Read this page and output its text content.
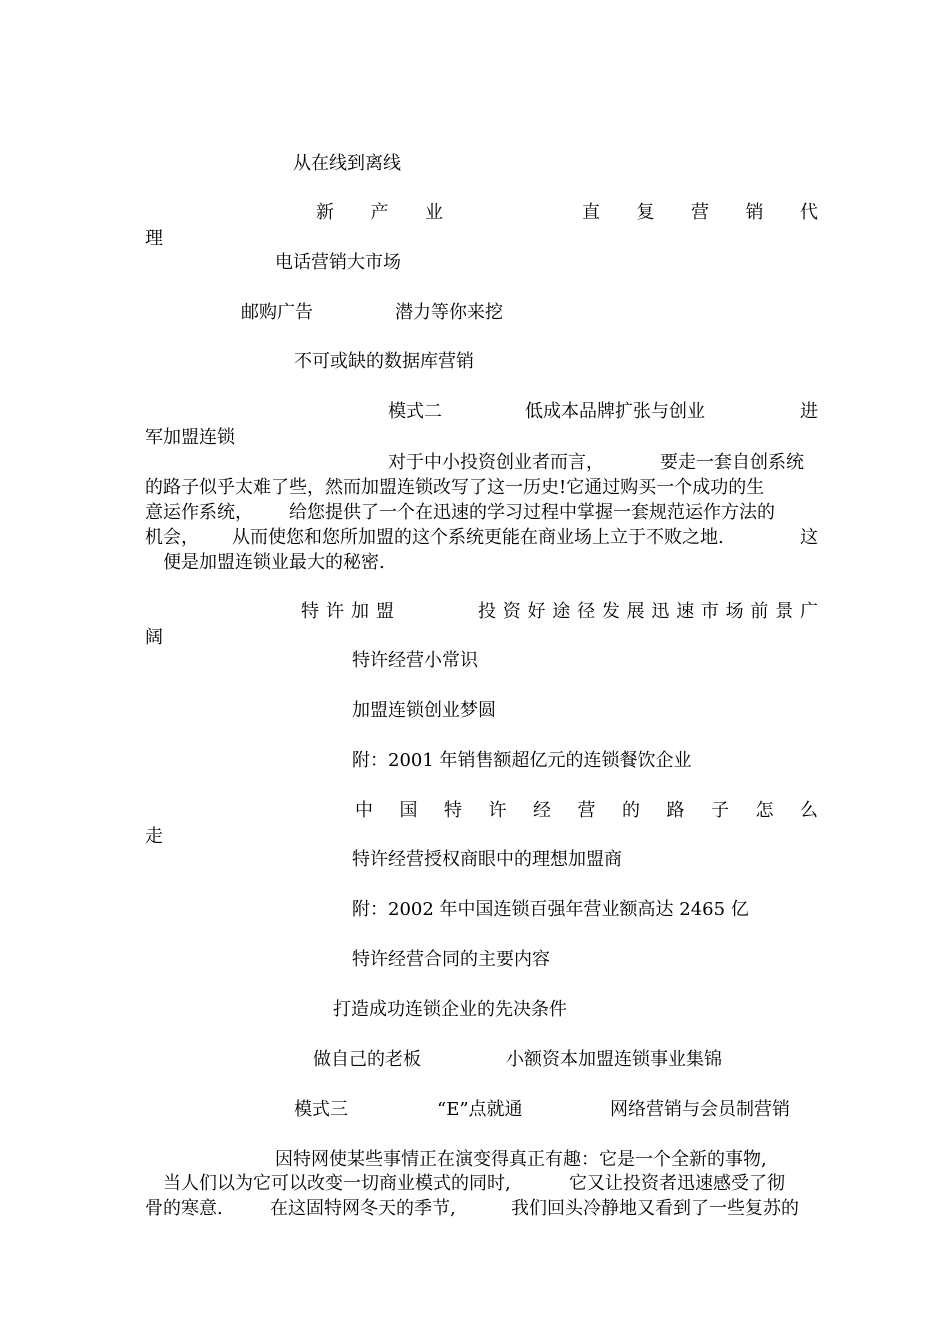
从在线到离线
新 产 业	直 复 营 销 代
理
电话营销大市场
邮购广告	潜力等你来挖
不可或缺的数据库营销
模式二	低成本品牌扩张与创业	进
军加盟连锁
对于中小投资创业者而言，	要走一套自创系统
的路子似乎太难了些，然而加盟连锁改写了这一历史!它通过购买一个成功的生
意运作系统， 给您提供了一个在迅速的学习过程中掌握一套规范运作方法的
机会， 从而使您和您所加盟的这个系统更能在商业场上立于不败之地.	这
便是加盟连锁业最大的秘密.
特许加盟	投 资 好 途 径 发 展 迅 速 市 场 前 景 广
阔
特许经营小常识
加盟连锁创业梦圆
附：2001 年销售额超亿元的连锁餐饮企业
中 国 特 许 经 营 的 路 子 怎 么
走
特许经营授权商眼中的理想加盟商
附：2002 年中国连锁百强年营业额高达 2465 亿
特许经营合同的主要内容
打造成功连锁企业的先决条件
做自己的老板	小额资本加盟连锁事业集锦
模式三	“E”点就通	网络营销与会员制营销
因特网使某些事情正在演变得真正有趣：它是一个全新的事物,
当人们以为它可以改变一切商业模式的同时,	它又让投资者迅速感受了彻
骨的寒意.	在这固特网冬天的季节,	我们回头冷静地又看到了一些复苏的
